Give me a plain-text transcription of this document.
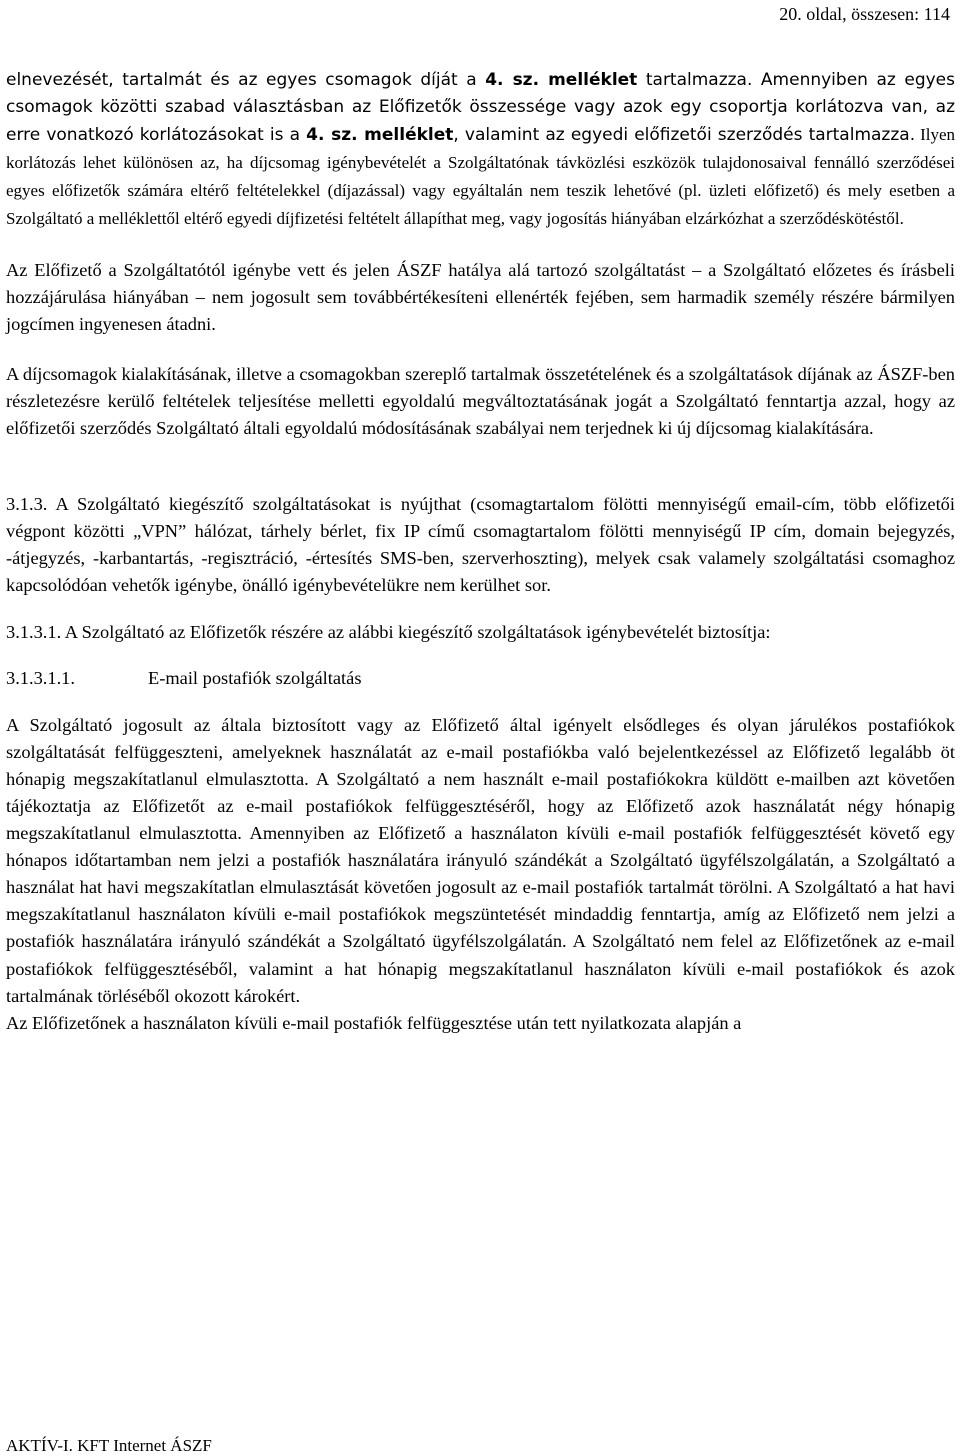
20. oldal, összesen: 114

elnevezését, tartalmát és az egyes csomagok díját a 4. sz. melléklet tartalmazza. Amennyiben az egyes csomagok közötti szabad választásban az Előfizetők összessége vagy azok egy csoportja korlátozva van, az erre vonatkozó korlátozásokat is a 4. sz. melléklet, valamint az egyedi előfizetői szerződés tartalmazza. Ilyen korlátozás lehet különösen az, ha díjcsomag igénybevételét a Szolgáltatónak távközlési eszközök tulajdonosaival fennálló szerződései egyes előfizetők számára eltérő feltételekkel (díjazással) vagy egyáltalán nem teszik lehetővé (pl. üzleti előfizető) és mely esetben a Szolgáltató a melléklettől eltérő egyedi díjfizetési feltételt állapíthat meg, vagy jogosítás hiányában elzárkózhat a szerződéskötéstől.

Az Előfizető a Szolgáltatótól igénybe vett és jelen ÁSZF hatálya alá tartozó szolgáltatást – a Szolgáltató előzetes és írásbeli hozzájárulása hiányában – nem jogosult sem továbbértékesíteni ellenérték fejében, sem harmadik személy részére bármilyen jogcímen ingyenesen átadni.

A díjcsomagok kialakításának, illetve a csomagokban szereplő tartalmak összetételének és a szolgáltatások díjának az ÁSZF-ben részletezésre kerülő feltételek teljesítése melletti egyoldalú megváltoztatásának jogát a Szolgáltató fenntartja azzal, hogy az előfizetői szerződés Szolgáltató általi egyoldalú módosításának szabályai nem terjednek ki új díjcsomag kialakítására.

3.1.3. A Szolgáltató kiegészítő szolgáltatásokat is nyújthat (csomagtartalom fölötti mennyiségű email-cím, több előfizetői végpont közötti „VPN” hálózat, tárhely bérlet, fix IP című csomagtartalom fölötti mennyiségű IP cím, domain bejegyzés, -átjegyzés, -karbantartás, -regisztráció, -értesítés SMS-ben, szerverhoszting), melyek csak valamely szolgáltatási csomaghoz kapcsolódóan vehetők igénybe, önálló igénybevételükre nem kerülhet sor.

3.1.3.1. A Szolgáltató az Előfizetők részére az alábbi kiegészítő szolgáltatások igénybevételét biztosítja:

3.1.3.1.1.	E-mail postafiók szolgáltatás

A Szolgáltató jogosult az általa biztosított vagy az Előfizető által igényelt elsődleges és olyan járulékos postafiókok szolgáltatását felfüggeszteni, amelyeknek használatát az e-mail postafiókba való bejelentkezéssel az Előfizető legalább öt hónapig megszakítatlanul elmulasztotta. A Szolgáltató a nem használt e-mail postafiókokra küldött e-mailben azt követően tájékoztatja az Előfizetőt az e-mail postafiókok felfüggesztéséről, hogy az Előfizető azok használatát négy hónapig megszakítatlanul elmulasztotta. Amennyiben az Előfizető a használaton kívüli e-mail postafiók felfüggesztését követő egy hónapos időtartamban nem jelzi a postafiók használatára irányuló szándékát a Szolgáltató ügyfélszolgálatán, a Szolgáltató a használat hat havi megszakítatlan elmulasztását követően jogosult az e-mail postafiók tartalmát törölni. A Szolgáltató a hat havi megszakítatlanul használaton kívüli e-mail postafiókok megszüntetését mindaddig fenntartja, amíg az Előfizető nem jelzi a postafiók használatára irányuló szándékát a Szolgáltató ügyfélszolgálatán. A Szolgáltató nem felel az Előfizetőnek az e-mail postafiókok felfüggesztéséből, valamint a hat hónapig megszakítatlanul használaton kívüli e-mail postafiókok és azok tartalmának törléséből okozott károkért.

Az Előfizetőnek a használaton kívüli e-mail postafiók felfüggesztése után tett nyilatkozata alapján a

AKTÍV-I. KFT Internet ÁSZF
